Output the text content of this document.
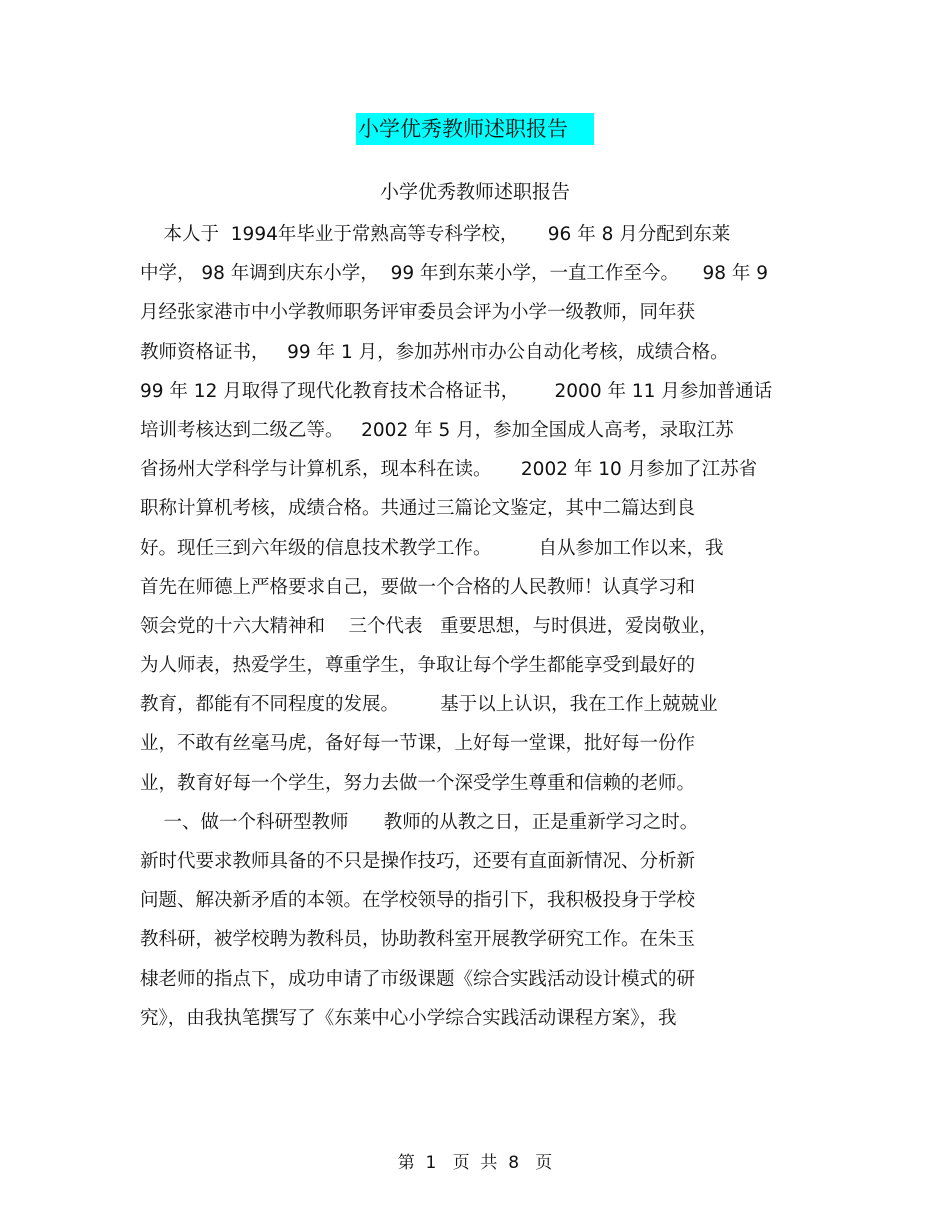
小学优秀教师述职报告
小学优秀教师述职报告
本人于  1994年毕业于常熟高等专科学校，     96 年 8 月分配到东莱
中学， 98 年调到庆东小学，  99 年到东莱小学，一直工作至今。    98 年 9
月经张家港市中小学教师职务评审委员会评为小学一级教师，同年获
教师资格证书，   99 年 1 月，参加苏州市办公自动化考核，成绩合格。
99 年 12 月取得了现代化教育技术合格证书，      2000 年 11 月参加普通话
培训考核达到二级乙等。   2002 年 5 月，参加全国成人高考，录取江苏
省扬州大学科学与计算机系，现本科在读。     2002 年 10 月参加了江苏省
职称计算机考核，成绩合格。共通过三篇论文鉴定，其中二篇达到良
好。现任三到六年级的信息技术教学工作。        自从参加工作以来，我
首先在师德上严格要求自己，要做一个合格的人民教师！认真学习和
领会党的十六大精神和    三个代表   重要思想，与时俱进，爱岗敬业，
为人师表，热爱学生，尊重学生，争取让每个学生都能享受到最好的
教育，都能有不同程度的发展。       基于以上认识，我在工作上兢兢业
业，不敢有丝毫马虎，备好每一节课，上好每一堂课，批好每一份作
业，教育好每一个学生，努力去做一个深受学生尊重和信赖的老师。
一、做一个科研型教师      教师的从教之日，正是重新学习之时。
新时代要求教师具备的不只是操作技巧，还要有直面新情况、分析新
问题、解决新矛盾的本领。在学校领导的指引下，我积极投身于学校
教科研，被学校聘为教科员，协助教科室开展教学研究工作。在朱玉
棣老师的指点下，成功申请了市级课题《综合实践活动设计模式的研
究》，由我执笔撰写了《东莱中心小学综合实践活动课程方案》，我
第  1   页  共  8   页
